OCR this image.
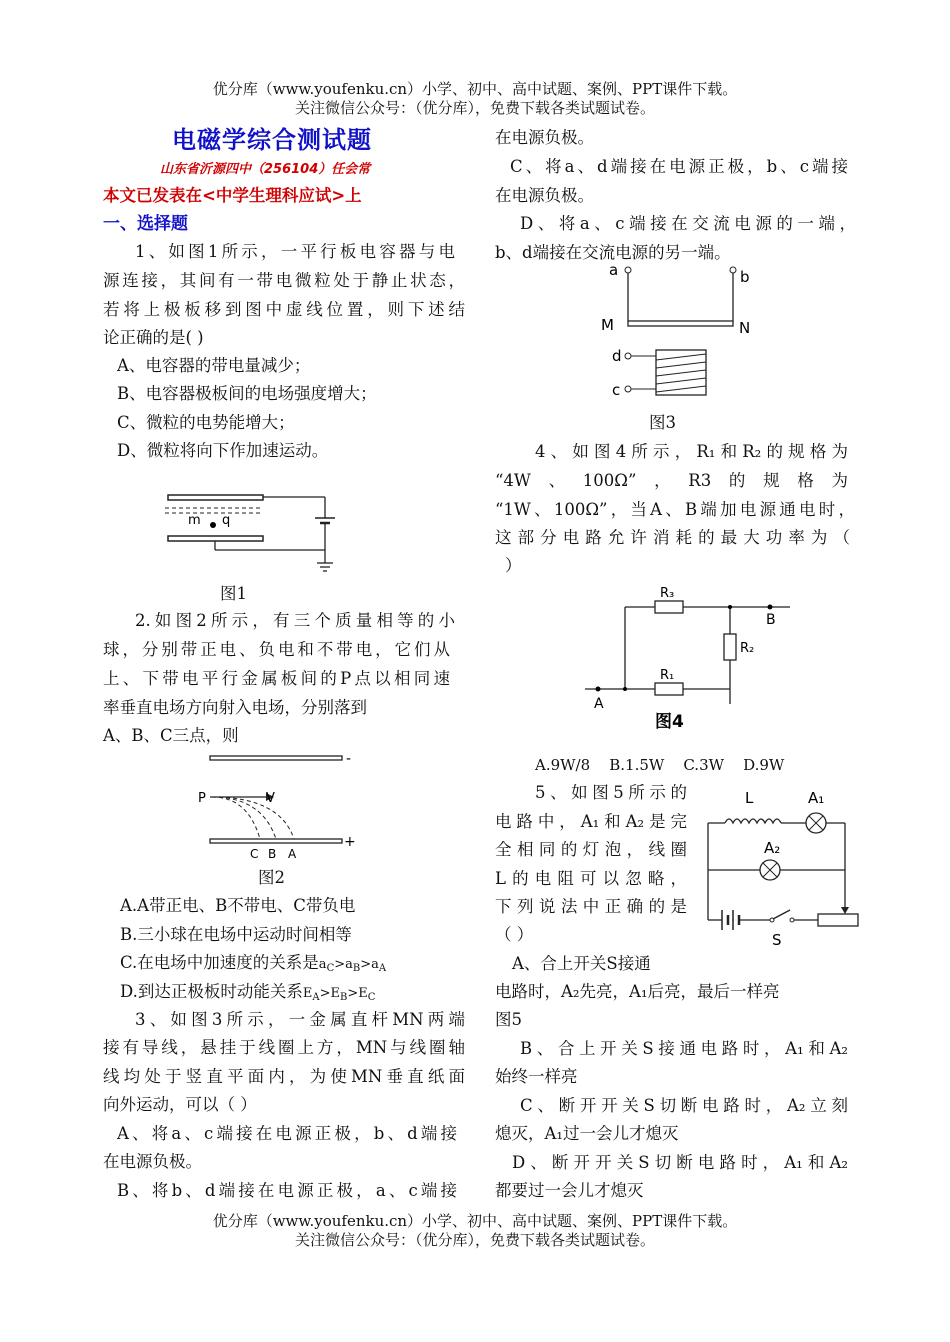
优分库（www.youfenku.cn）小学、初中、高中试题、案例、PPT课件下载。
关注微信公众号：（优分库），免费下载各类试题试卷。
电磁学综合测试题
山东省沂源四中（256104）任会常
本文已发表在<中学生理科应试>上
一、选择题
1、如图1所示，一平行板电容器与电
源连接，其间有一带电微粒处于静止状态，
若将上极板移到图中虚线位置，则下述结
论正确的是( )
A、电容器的带电量减少；
B、电容器极板间的电场强度增大；
C、微粒的电势能增大；
D、微粒将向下作加速运动。
m q
图1
2.如图2所示，有三个质量相等的小
球，分别带正电、负电和不带电，它们从
上、下带电平行金属板间的P点以相同速
率垂直电场方向射入电场，分别落到
A、B、C三点，则
-
P	V
+
C B A
图2
A.A带正电、B不带电、C带负电
B.三小球在电场中运动时间相等
C.在电场中加速度的关系是$a_C>a_B>a_A$
D.到达正极板时动能关系$E_A>E_B>E_C$
3、如图3所示，一金属直杆MN两端
接有导线，悬挂于线圈上方，MN与线圈轴
线均处于竖直平面内，为使MN垂直纸面
向外运动，可以（ ）
A、将a、c端接在电源正极，b、d端接
在电源负极。
B、将b、d端接在电源正极，a、c端接
在电源负极。
C、将a、d端接在电源正极，b、c端接
在电源负极。
D、将a、c端接在交流电源的一端，
b、d端接在交流电源的另一端。
a	b
M	N
d
c
图3
4、如图4所示，R₁和R₂的规格为
“4W、100Ω”，R3的规格为
“1W、100Ω”，当A、B端加电源通电时，
这部分电路允许消耗的最大功率为（
）
R₃
B
R₂
A
R₁
图4
A.9W/8    B.1.5W    C.3W    D.9W
5、如图5所示的
电路中，A₁和A₂是完
全相同的灯泡，线圈
L的电阻可以忽略，
下列说法中正确的是
（ ）
L	A₁
A₂
S
A、合上开关S接通
电路时，A₂先亮，A₁后亮，最后一样亮
图5
B、合上开关S接通电路时，A₁和A₂
始终一样亮
C、断开开关S切断电路时，A₂立刻
熄灭，A₁过一会儿才熄灭
D、断开开关S切断电路时，A₁和A₂
都要过一会儿才熄灭
优分库（www.youfenku.cn）小学、初中、高中试题、案例、PPT课件下载。
关注微信公众号：（优分库），免费下载各类试题试卷。
